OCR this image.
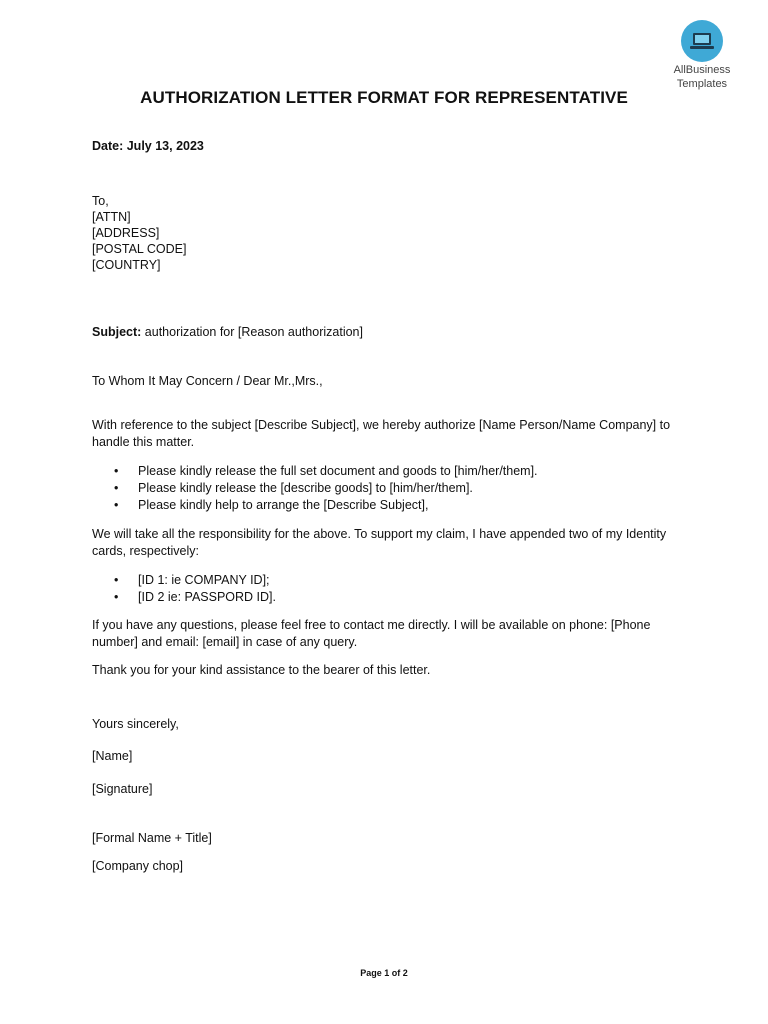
AllBusiness
Templates
AUTHORIZATION LETTER FORMAT FOR REPRESENTATIVE
Date: July 13, 2023
To,
[ATTN]
[ADDRESS]
[POSTAL CODE]
[COUNTRY]
Subject: authorization for [Reason authorization]
To Whom It May Concern / Dear Mr.,Mrs.,
With reference to the subject [Describe Subject], we hereby authorize [Name Person/Name Company] to handle this matter.
• Please kindly release the full set document and goods to [him/her/them].
• Please kindly release the [describe goods] to [him/her/them].
• Please kindly help to arrange the [Describe Subject],
We will take all the responsibility for the above. To support my claim, I have appended two of my Identity cards, respectively:
• [ID 1: ie COMPANY ID];
• [ID 2 ie: PASSPORD ID].
If you have any questions, please feel free to contact me directly. I will be available on phone: [Phone number] and email: [email] in case of any query.
Thank you for your kind assistance to the bearer of this letter.
Yours sincerely,
[Name]
[Signature]
[Formal Name + Title]
[Company chop]
Page 1 of 2
